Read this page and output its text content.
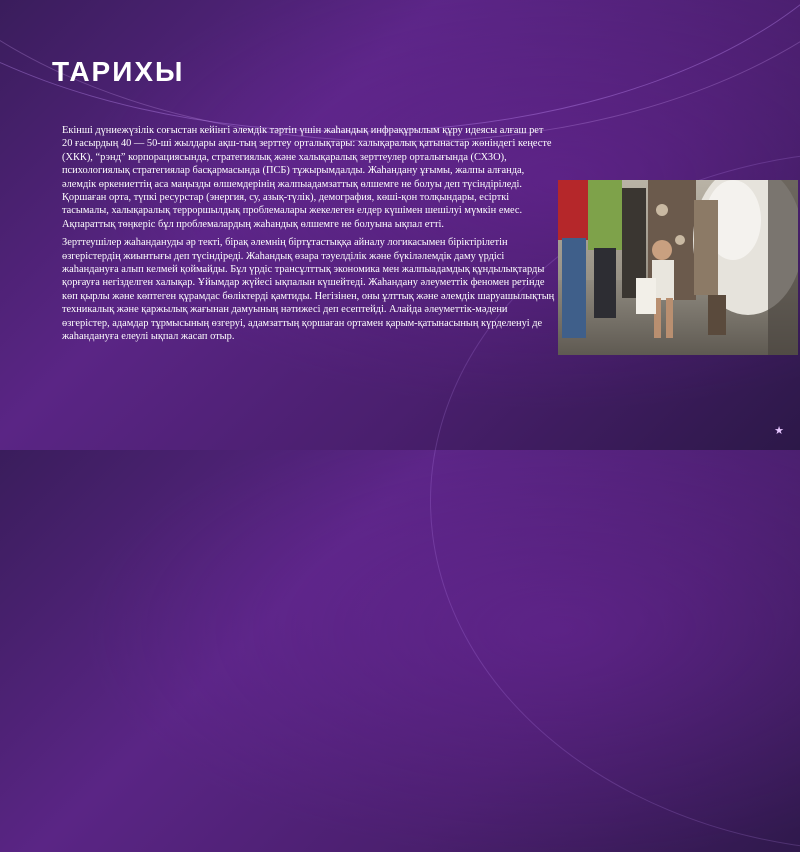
ТАРИХЫ

Екінші дүниежүзілік соғыстан кейінгі әлемдік тәртіп үшін жаһандық инфрақұрылым құру идеясы алғаш рет 20 ғасырдың 40 — 50-ші жылдары ақш-тың зерттеу орталықтары: халықаралық қатынастар жөніндегі кеңесте (ХКК), “рэнд” корпорациясында, стратегиялық және халықаралық зерттеулер орталығында (СХЗО), психологиялық стратегиялар басқармасында (ПСБ) тұжырымдалды. Жаһандану ұғымы, жалпы алғанда, әлемдік өркениеттің аса маңызды өлшемдерінің жалпыадамзаттық өлшемге не болуы деп түсіндіріледі. Қоршаған орта, түпкі ресурстар (энергия, су, азық-түлік), демография, көші-қон толқындары, есірткі тасымалы, халықаралық терроршылдық проблемалары жекелеген елдер күшімен шешілуі мүмкін емес. Ақпараттық төңкеріс бұл проблемалардың жаһандық өлшемге не болуына ықпал етті.

Зерттеушілер жаһандануды әр тектi, бірақ әлемнің біртұтастыққа айналу логикасымен біріктірілетін өзгерістердің жиынтығы деп түсіндіреді. Жаһандық өзара тәуелділік және бүкілəлемдік даму үрдісі жаһандануға алып келмей қоймайды. Бұл үрдіс трансұлттық экономика мен жалпыадамдық құндылықтарды қорғауға негізделген халықар. Ұйымдар жүйесі ықпалын күшейтеді. Жаһандану әлеуметтік феномен ретінде көп қырлы және көптеген құрамдас бөліктерді қамтиды. Негізінен, оны ұлттық және әлемдік шаруашылықтың техникалық және қаржылық жағынан дамуының нәтижесі деп есептейді. Алайда әлеуметтік-мәдени өзгерістер, адамдар тұрмысының өзгеруі, адамзаттың қоршаған ортамен қарым-қатынасының күрделенуі де жаһандануға елеулі ықпал жасап отыр.

★
